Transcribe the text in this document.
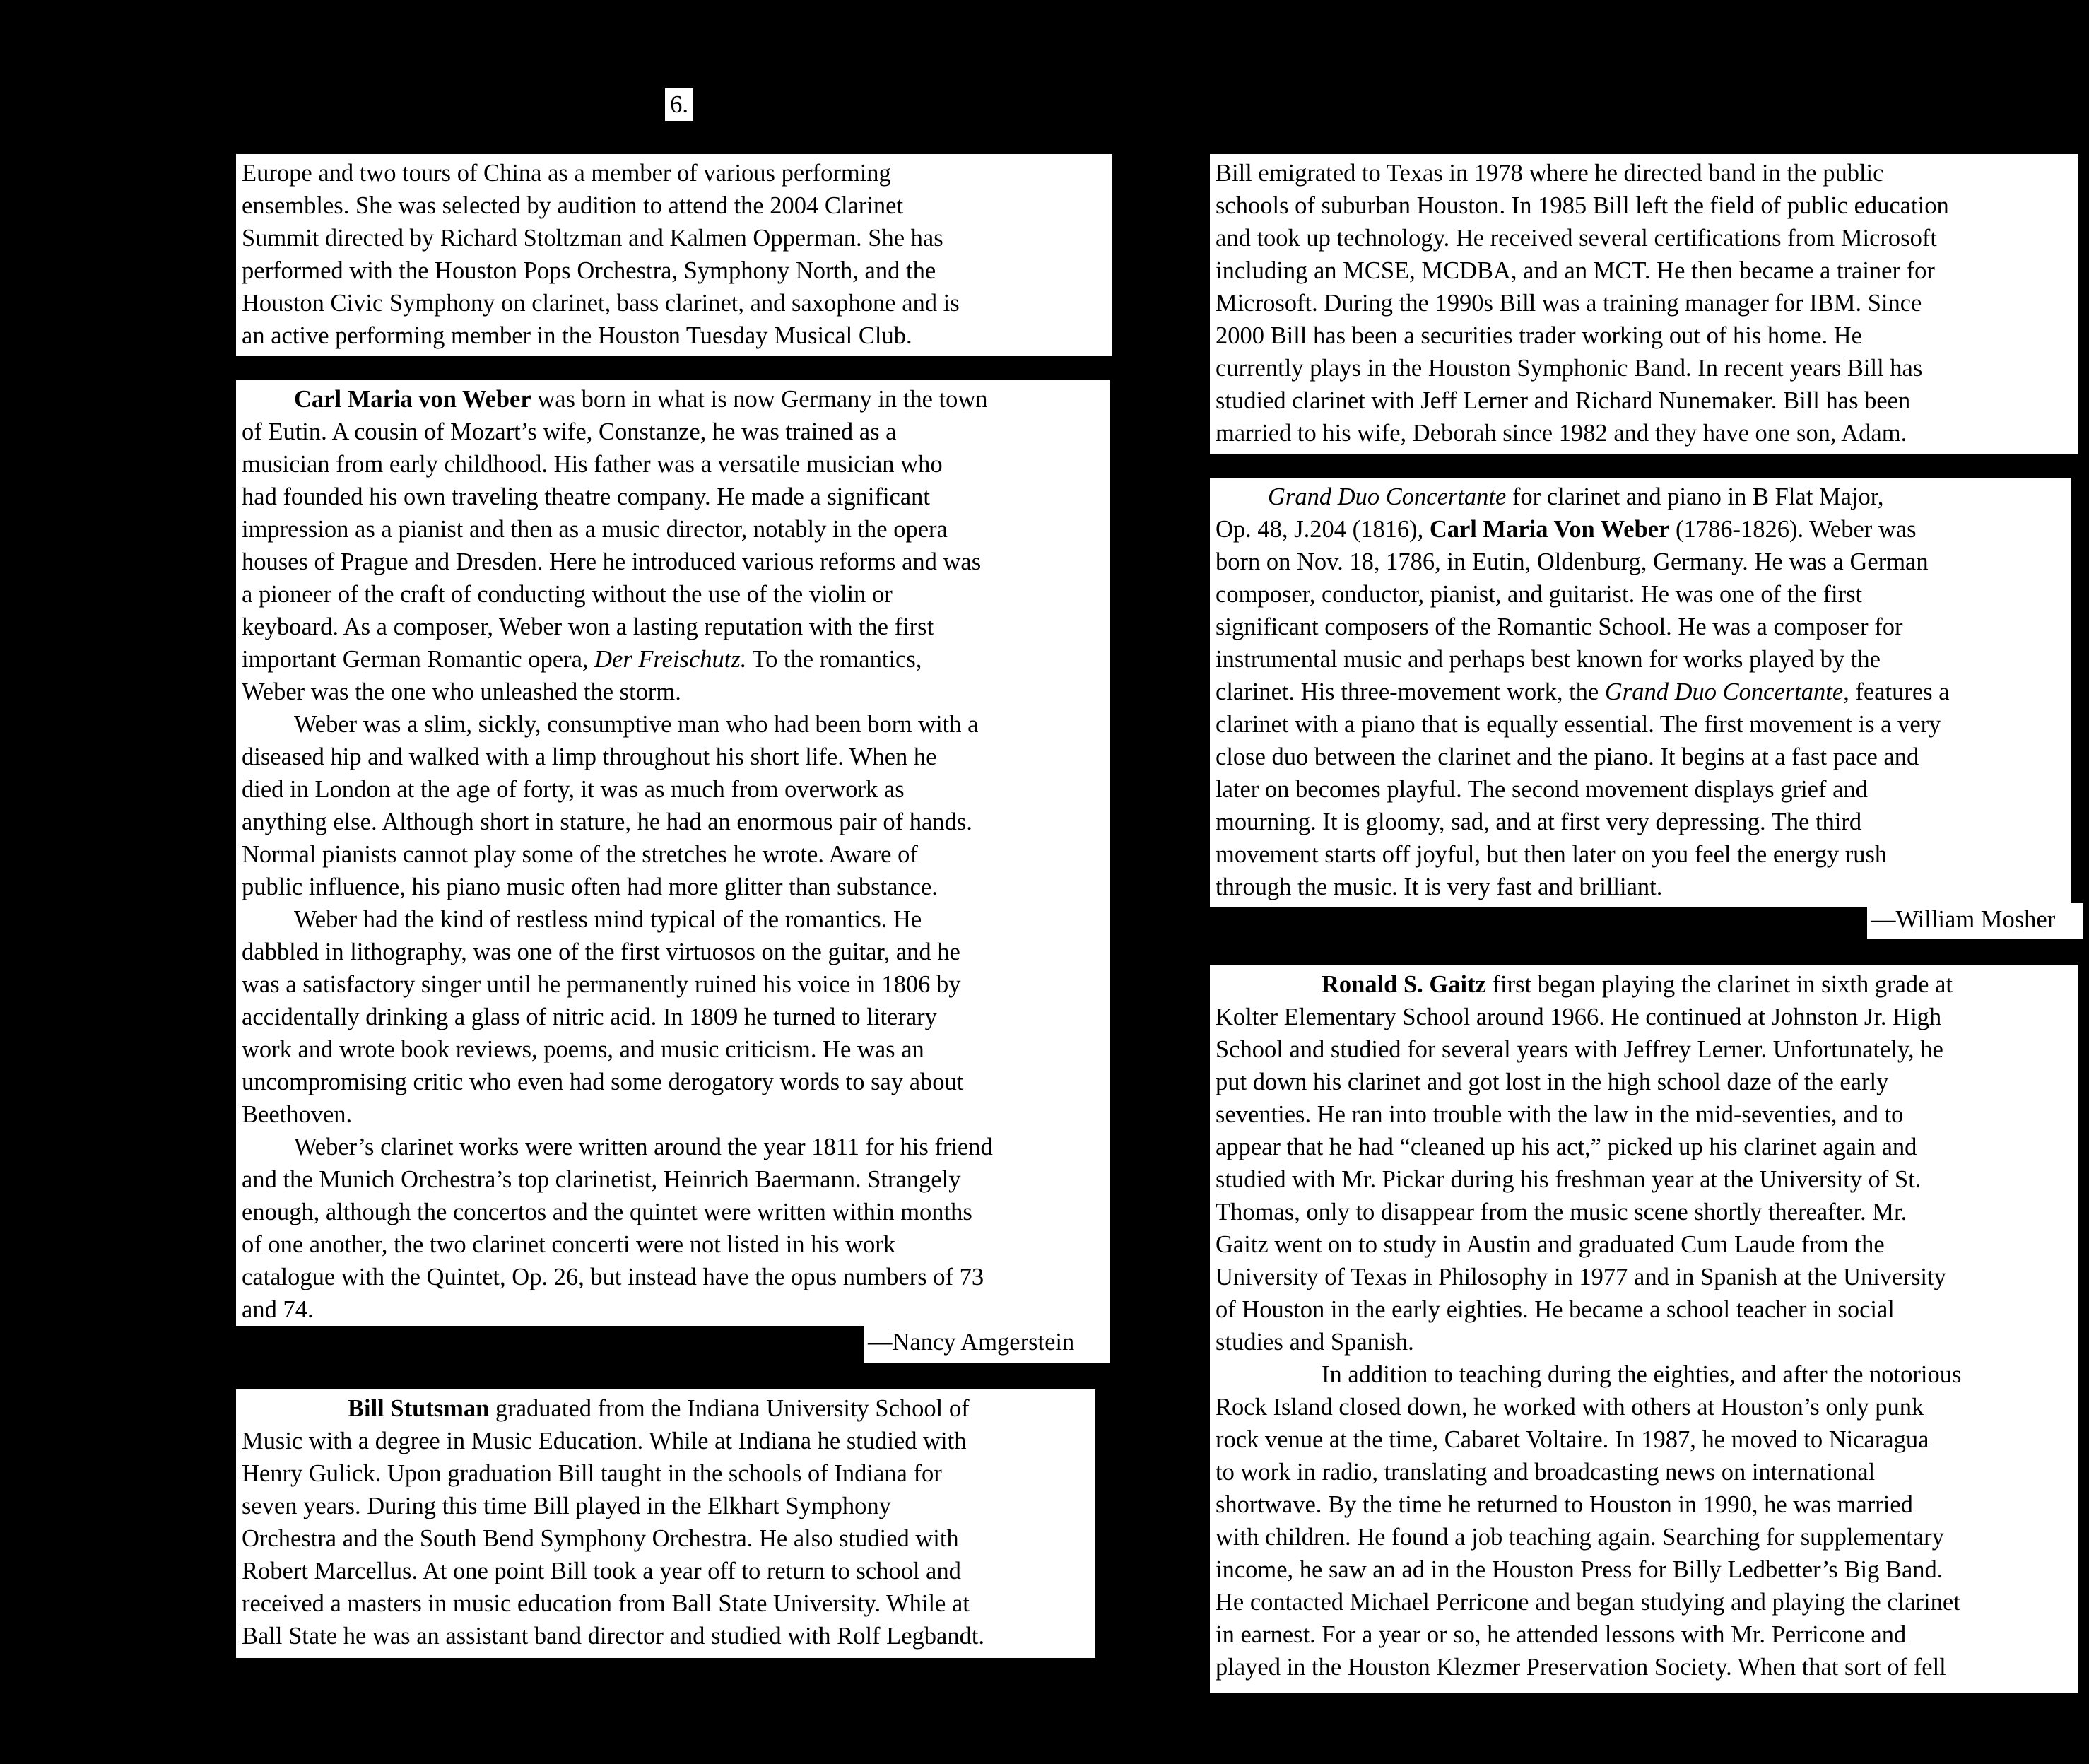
6.

Europe and two tours of China as a member of various performing

ensembles. She was selected by audition to attend the 2004 Clarinet

Summit directed by Richard Stoltzman and Kalmen Opperman. She has

performed with the Houston Pops Orchestra, Symphony North, and the

Houston Civic Symphony on clarinet, bass clarinet, and saxophone and is

an active performing member in the Houston Tuesday Musical Club.

Carl Maria von Weber was born in what is now Germany in the town

of Eutin. A cousin of Mozart’s wife, Constanze, he was trained as a

musician from early childhood. His father was a versatile musician who

had founded his own traveling theatre company. He made a significant

impression as a pianist and then as a music director, notably in the opera

houses of Prague and Dresden. Here he introduced various reforms and was

a pioneer of the craft of conducting without the use of the violin or

keyboard. As a composer, Weber won a lasting reputation with the first

important German Romantic opera, Der Freischutz. To the romantics,

Weber was the one who unleashed the storm.

Weber was a slim, sickly, consumptive man who had been born with a

diseased hip and walked with a limp throughout his short life. When he

died in London at the age of forty, it was as much from overwork as

anything else. Although short in stature, he had an enormous pair of hands.

Normal pianists cannot play some of the stretches he wrote. Aware of

public influence, his piano music often had more glitter than substance.

Weber had the kind of restless mind typical of the romantics. He

dabbled in lithography, was one of the first virtuosos on the guitar, and he

was a satisfactory singer until he permanently ruined his voice in 1806 by

accidentally drinking a glass of nitric acid. In 1809 he turned to literary

work and wrote book reviews, poems, and music criticism. He was an

uncompromising critic who even had some derogatory words to say about

Beethoven.

Weber’s clarinet works were written around the year 1811 for his friend

and the Munich Orchestra’s top clarinetist, Heinrich Baermann. Strangely

enough, although the concertos and the quintet were written within months

of one another, the two clarinet concerti were not listed in his work

catalogue with the Quintet, Op. 26, but instead have the opus numbers of 73

and 74.

—Nancy Amgerstein

Bill Stutsman graduated from the Indiana University School of

Music with a degree in Music Education. While at Indiana he studied with

Henry Gulick. Upon graduation Bill taught in the schools of Indiana for

seven years. During this time Bill played in the Elkhart Symphony

Orchestra and the South Bend Symphony Orchestra. He also studied with

Robert Marcellus. At one point Bill took a year off to return to school and

received a masters in music education from Ball State University. While at

Ball State he was an assistant band director and studied with Rolf Legbandt.

Bill emigrated to Texas in 1978 where he directed band in the public

schools of suburban Houston. In 1985 Bill left the field of public education

and took up technology. He received several certifications from Microsoft

including an MCSE, MCDBA, and an MCT. He then became a trainer for

Microsoft. During the 1990s Bill was a training manager for IBM. Since

2000 Bill has been a securities trader working out of his home. He

currently plays in the Houston Symphonic Band. In recent years Bill has

studied clarinet with Jeff Lerner and Richard Nunemaker. Bill has been

married to his wife, Deborah since 1982 and they have one son, Adam.

Grand Duo Concertante for clarinet and piano in B Flat Major,

Op. 48, J.204 (1816), Carl Maria Von Weber (1786-1826). Weber was

born on Nov. 18, 1786, in Eutin, Oldenburg, Germany. He was a German

composer, conductor, pianist, and guitarist. He was one of the first

significant composers of the Romantic School. He was a composer for

instrumental music and perhaps best known for works played by the

clarinet. His three-movement work, the Grand Duo Concertante, features a

clarinet with a piano that is equally essential. The first movement is a very

close duo between the clarinet and the piano. It begins at a fast pace and

later on becomes playful. The second movement displays grief and

mourning. It is gloomy, sad, and at first very depressing. The third

movement starts off joyful, but then later on you feel the energy rush

through the music. It is very fast and brilliant.

—William Mosher

Ronald S. Gaitz first began playing the clarinet in sixth grade at

Kolter Elementary School around 1966. He continued at Johnston Jr. High

School and studied for several years with Jeffrey Lerner. Unfortunately, he

put down his clarinet and got lost in the high school daze of the early

seventies. He ran into trouble with the law in the mid-seventies, and to

appear that he had “cleaned up his act,” picked up his clarinet again and

studied with Mr. Pickar during his freshman year at the University of St.

Thomas, only to disappear from the music scene shortly thereafter. Mr.

Gaitz went on to study in Austin and graduated Cum Laude from the

University of Texas in Philosophy in 1977 and in Spanish at the University

of Houston in the early eighties. He became a school teacher in social

studies and Spanish.

In addition to teaching during the eighties, and after the notorious

Rock Island closed down, he worked with others at Houston’s only punk

rock venue at the time, Cabaret Voltaire. In 1987, he moved to Nicaragua

to work in radio, translating and broadcasting news on international

shortwave. By the time he returned to Houston in 1990, he was married

with children. He found a job teaching again. Searching for supplementary

income, he saw an ad in the Houston Press for Billy Ledbetter’s Big Band.

He contacted Michael Perricone and began studying and playing the clarinet

in earnest. For a year or so, he attended lessons with Mr. Perricone and

played in the Houston Klezmer Preservation Society. When that sort of fell
